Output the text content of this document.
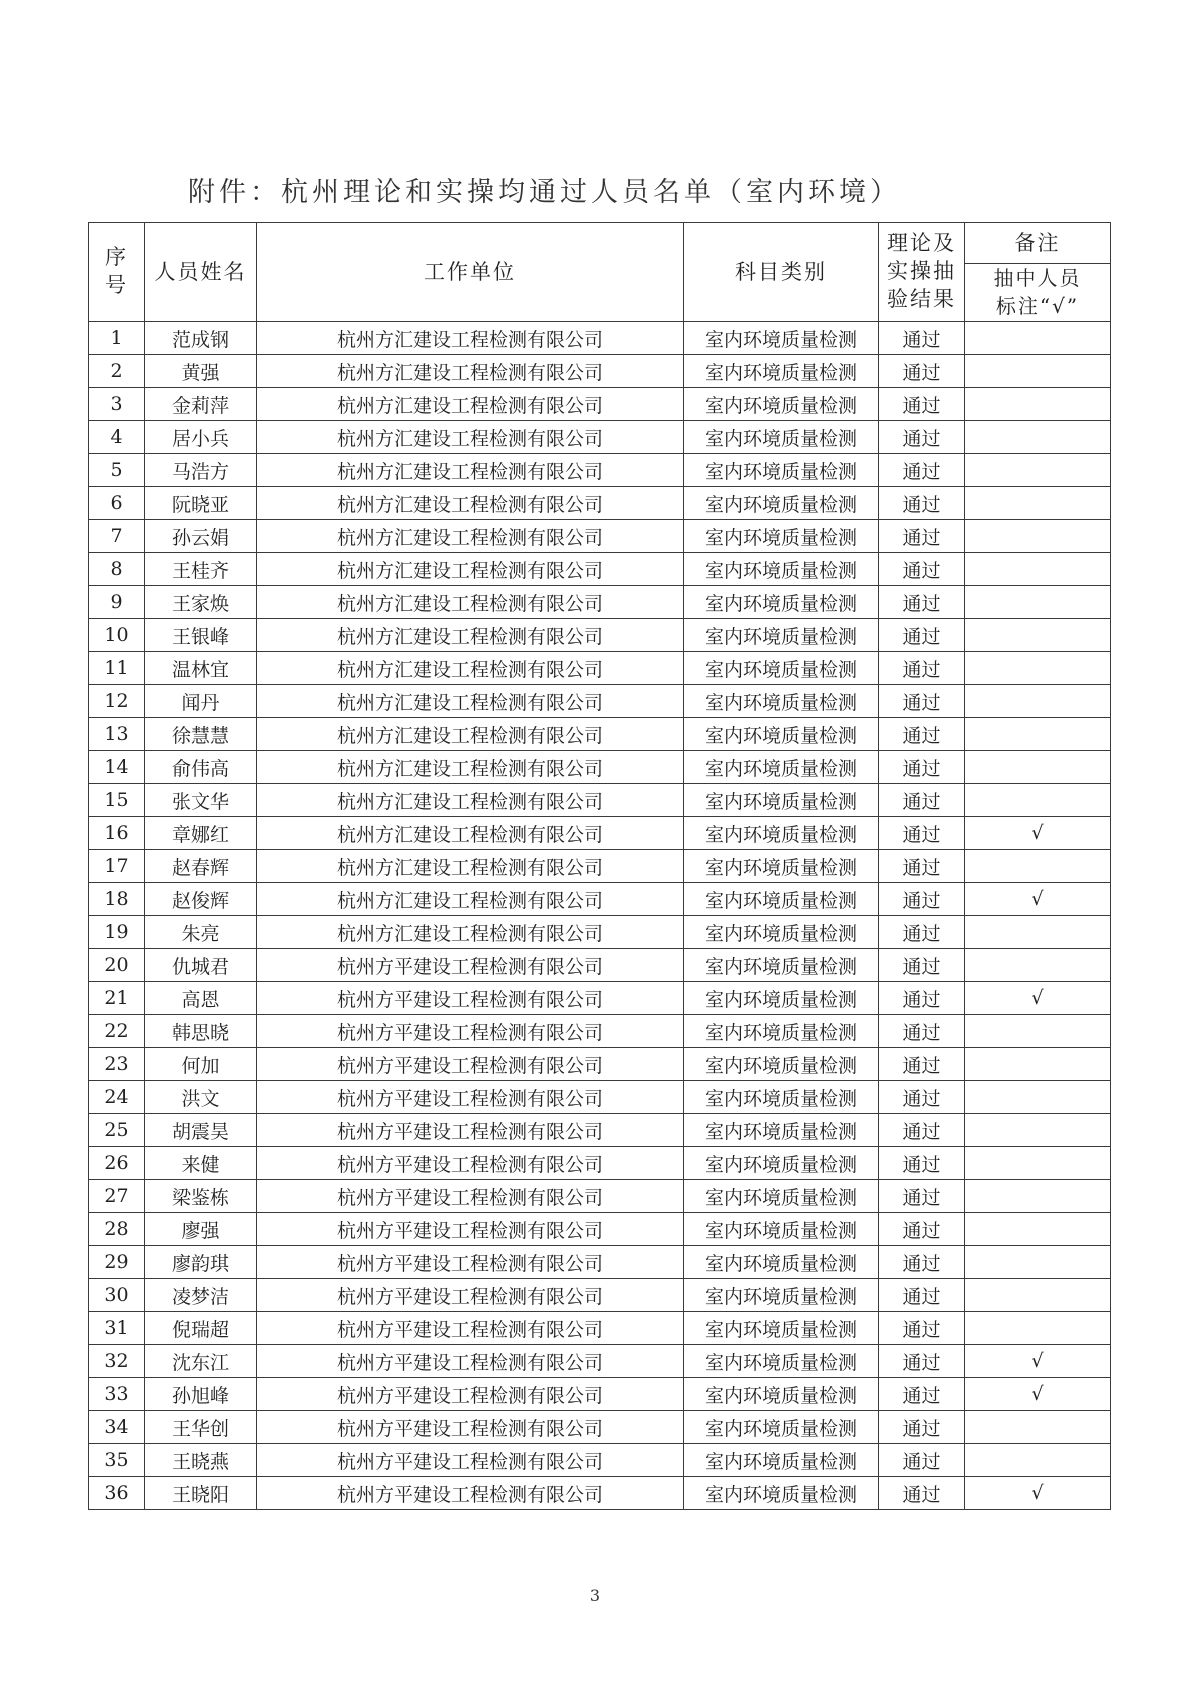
附件：杭州理论和实操均通过人员名单（室内环境）
序号	人员姓名	工作单位	科目类别	理论及实操抽验结果	备注
					抽中人员标注“√”
1	范成钢	杭州方汇建设工程检测有限公司	室内环境质量检测	通过	
2	黄强	杭州方汇建设工程检测有限公司	室内环境质量检测	通过	
3	金莉萍	杭州方汇建设工程检测有限公司	室内环境质量检测	通过	
4	居小兵	杭州方汇建设工程检测有限公司	室内环境质量检测	通过	
5	马浩方	杭州方汇建设工程检测有限公司	室内环境质量检测	通过	
6	阮晓亚	杭州方汇建设工程检测有限公司	室内环境质量检测	通过	
7	孙云娟	杭州方汇建设工程检测有限公司	室内环境质量检测	通过	
8	王桂齐	杭州方汇建设工程检测有限公司	室内环境质量检测	通过	
9	王家焕	杭州方汇建设工程检测有限公司	室内环境质量检测	通过	
10	王银峰	杭州方汇建设工程检测有限公司	室内环境质量检测	通过	
11	温林宜	杭州方汇建设工程检测有限公司	室内环境质量检测	通过	
12	闻丹	杭州方汇建设工程检测有限公司	室内环境质量检测	通过	
13	徐慧慧	杭州方汇建设工程检测有限公司	室内环境质量检测	通过	
14	俞伟高	杭州方汇建设工程检测有限公司	室内环境质量检测	通过	
15	张文华	杭州方汇建设工程检测有限公司	室内环境质量检测	通过	
16	章娜红	杭州方汇建设工程检测有限公司	室内环境质量检测	通过	√
17	赵春辉	杭州方汇建设工程检测有限公司	室内环境质量检测	通过	
18	赵俊辉	杭州方汇建设工程检测有限公司	室内环境质量检测	通过	√
19	朱亮	杭州方汇建设工程检测有限公司	室内环境质量检测	通过	
20	仇城君	杭州方平建设工程检测有限公司	室内环境质量检测	通过	
21	高恩	杭州方平建设工程检测有限公司	室内环境质量检测	通过	√
22	韩思晓	杭州方平建设工程检测有限公司	室内环境质量检测	通过	
23	何加	杭州方平建设工程检测有限公司	室内环境质量检测	通过	
24	洪文	杭州方平建设工程检测有限公司	室内环境质量检测	通过	
25	胡震昊	杭州方平建设工程检测有限公司	室内环境质量检测	通过	
26	来健	杭州方平建设工程检测有限公司	室内环境质量检测	通过	
27	梁鉴栋	杭州方平建设工程检测有限公司	室内环境质量检测	通过	
28	廖强	杭州方平建设工程检测有限公司	室内环境质量检测	通过	
29	廖韵琪	杭州方平建设工程检测有限公司	室内环境质量检测	通过	
30	凌梦洁	杭州方平建设工程检测有限公司	室内环境质量检测	通过	
31	倪瑞超	杭州方平建设工程检测有限公司	室内环境质量检测	通过	
32	沈东江	杭州方平建设工程检测有限公司	室内环境质量检测	通过	√
33	孙旭峰	杭州方平建设工程检测有限公司	室内环境质量检测	通过	√
34	王华创	杭州方平建设工程检测有限公司	室内环境质量检测	通过	
35	王晓燕	杭州方平建设工程检测有限公司	室内环境质量检测	通过	
36	王晓阳	杭州方平建设工程检测有限公司	室内环境质量检测	通过	√
3
